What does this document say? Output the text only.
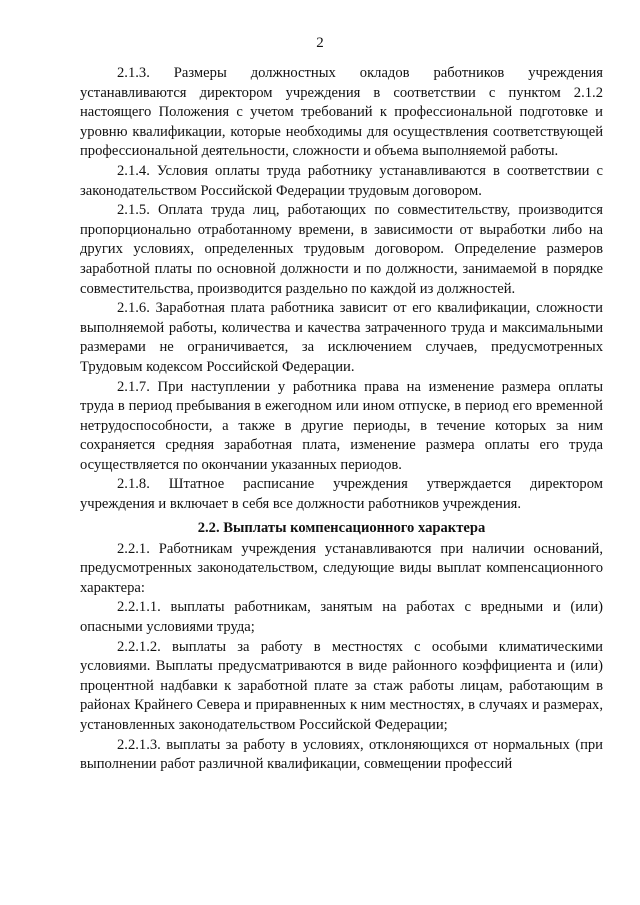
2

2.1.3. Размеры должностных окладов работников учреждения устанавливаются директором учреждения в соответствии с пунктом 2.1.2 настоящего Положения с учетом требований к профессиональной подготовке и уровню квалификации, которые необходимы для осуществления соответствующей профессиональной деятельности, сложности и объема выполняемой работы.

2.1.4. Условия оплаты труда работнику устанавливаются в соответствии с законодательством Российской Федерации трудовым договором.

2.1.5. Оплата труда лиц, работающих по совместительству, производится пропорционально отработанному времени, в зависимости от выработки либо на других условиях, определенных трудовым договором. Определение размеров заработной платы по основной должности и по должности, занимаемой в порядке совместительства, производится раздельно по каждой из должностей.

2.1.6. Заработная плата работника зависит от его квалификации, сложности выполняемой работы, количества и качества затраченного труда и максимальными размерами не ограничивается, за исключением случаев, предусмотренных Трудовым кодексом Российской Федерации.

2.1.7. При наступлении у работника права на изменение размера оплаты труда в период пребывания в ежегодном или ином отпуске, в период его временной нетрудоспособности, а также в другие периоды, в течение которых за ним сохраняется средняя заработная плата, изменение размера оплаты его труда осуществляется по окончании указанных периодов.

2.1.8. Штатное расписание учреждения утверждается директором учреждения и включает в себя все должности работников учреждения.

2.2. Выплаты компенсационного характера

2.2.1. Работникам учреждения устанавливаются при наличии оснований, предусмотренных законодательством, следующие виды выплат компенсационного характера:

2.2.1.1. выплаты работникам, занятым на работах с вредными и (или) опасными условиями труда;

2.2.1.2. выплаты за работу в местностях с особыми климатическими условиями. Выплаты предусматриваются в виде районного коэффициента и (или) процентной надбавки к заработной плате за стаж работы лицам, работающим в районах Крайнего Севера и приравненных к ним местностях, в случаях и размерах, установленных законодательством Российской Федерации;

2.2.1.3. выплаты за работу в условиях, отклоняющихся от нормальных (при выполнении работ различной квалификации, совмещении профессий
